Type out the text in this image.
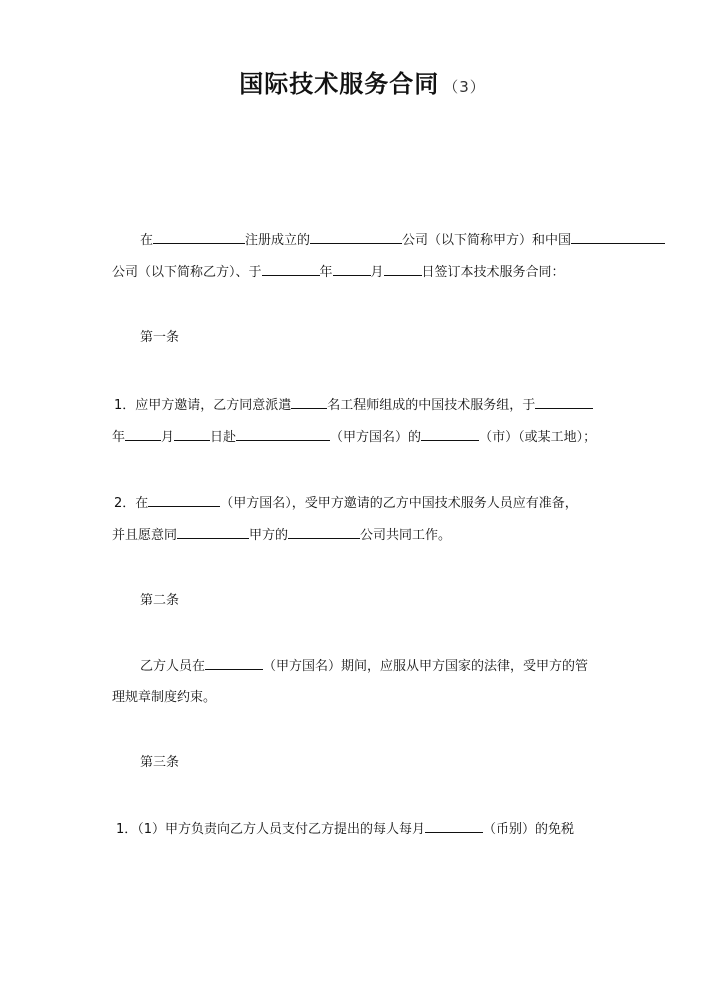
国际技术服务合同 （3）
在	注册成立的	公司（以下简称甲方）和中国
公司（以下简称乙方）、于	年	月	日签订本技术服务合同：
第一条
1．应甲方邀请，乙方同意派遣	名工程师组成的中国技术服务组，于
年	月	日赴	（甲方国名）的	（市）（或某工地）；
2．在	（甲方国名），受甲方邀请的乙方中国技术服务人员应有准备，
并且愿意同	甲方的	公司共同工作。
第二条
乙方人员在	（甲方国名）期间，应服从甲方国家的法律，受甲方的管
理规章制度约束。
第三条
1．（1）甲方负责向乙方人员支付乙方提出的每人每月	（币别）的免税
